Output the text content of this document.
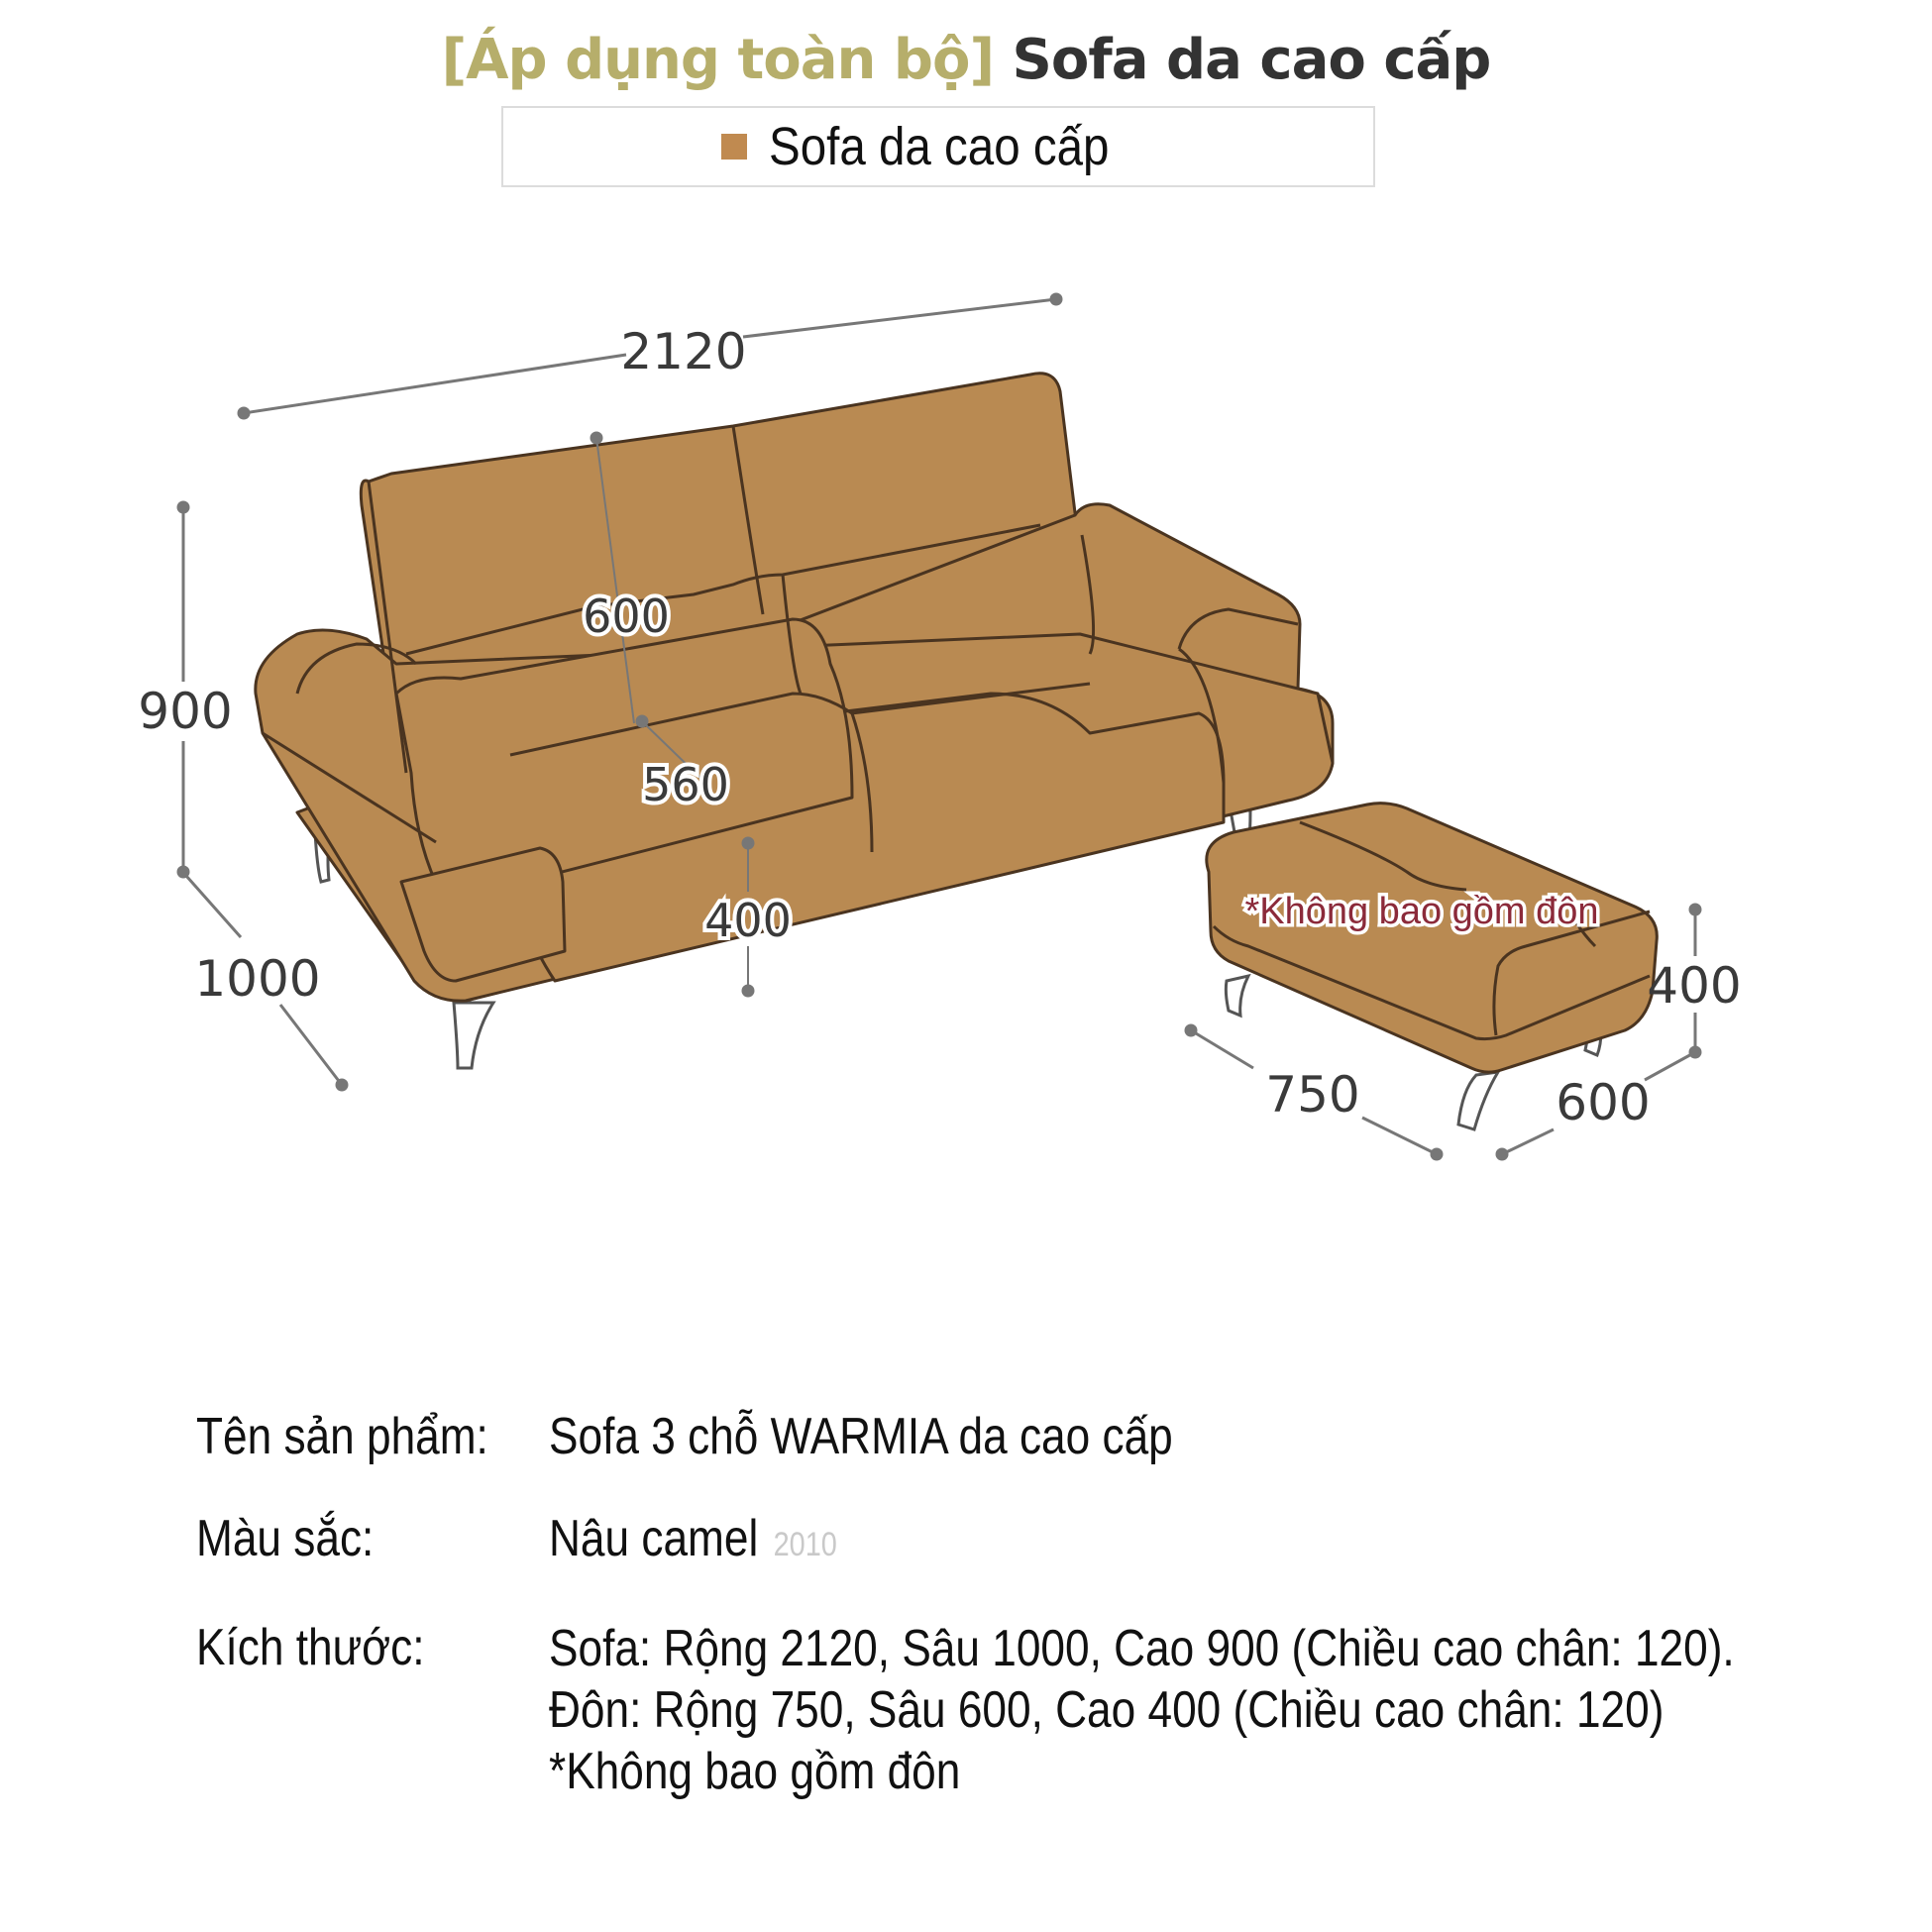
[Áp dụng toàn bộ] Sofa da cao cấp
Sofa da cao cấp
2120
900
1000
600
560
400
750	600
400
*Không bao gồm đôn
Tên sản phẩm: Sofa 3 chỗ WARMIA da cao cấp
Màu sắc:	Nâu camel 2010
Kích thước: Sofa: Rộng 2120, Sâu 1000, Cao 900 (Chiều cao chân: 120).
Đôn: Rộng 750, Sâu 600, Cao 400 (Chiều cao chân: 120)
*Không bao gồm đôn
